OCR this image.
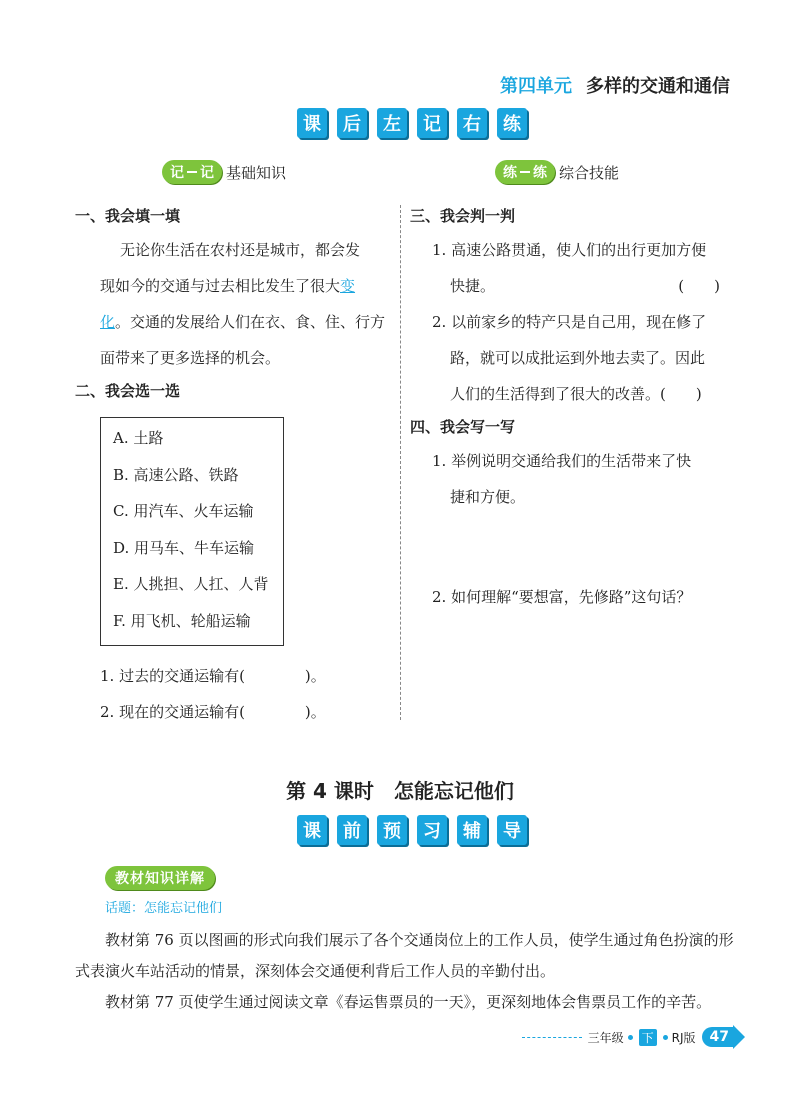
第四单元 多样的交通和通信
课	后	左	记	右	练
记 记 基础知识	练 练 综合技能
一、我会填一填
无论你生活在农村还是城市，都会发
现如今的交通与过去相比发生了很大变
化。交通的发展给人们在衣、食、住、行方
面带来了更多选择的机会。
二、我会选一选
A. 土路
B. 高速公路、铁路
C. 用汽车、火车运输
D. 用马车、牛车运输
E. 人挑担、人扛、人背
F. 用飞机、轮船运输
1. 过去的交通运输有(　　　　)。
2. 现在的交通运输有(　　　　)。
三、我会判一判
1. 高速公路贯通，使人们的出行更加方便
快捷。	(　　)
2. 以前家乡的特产只是自己用，现在修了
路，就可以成批运到外地去卖了。因此
人们的生活得到了很大的改善。(　　)
四、我会写一写
1. 举例说明交通给我们的生活带来了快
捷和方便。
2. 如何理解“要想富，先修路”这句话？
第 4 课时　怎能忘记他们
课	前	预	习	辅	导
教材知识详解
话题：怎能忘记他们
教材第 76 页以图画的形式向我们展示了各个交通岗位上的工作人员，使学生通过角色扮演的形
式表演火车站活动的情景，深刻体会交通便利背后工作人员的辛勤付出。
教材第 77 页使学生通过阅读文章《春运售票员的一天》，更深刻地体会售票员工作的辛苦。
三年级 下 RJ版	47
